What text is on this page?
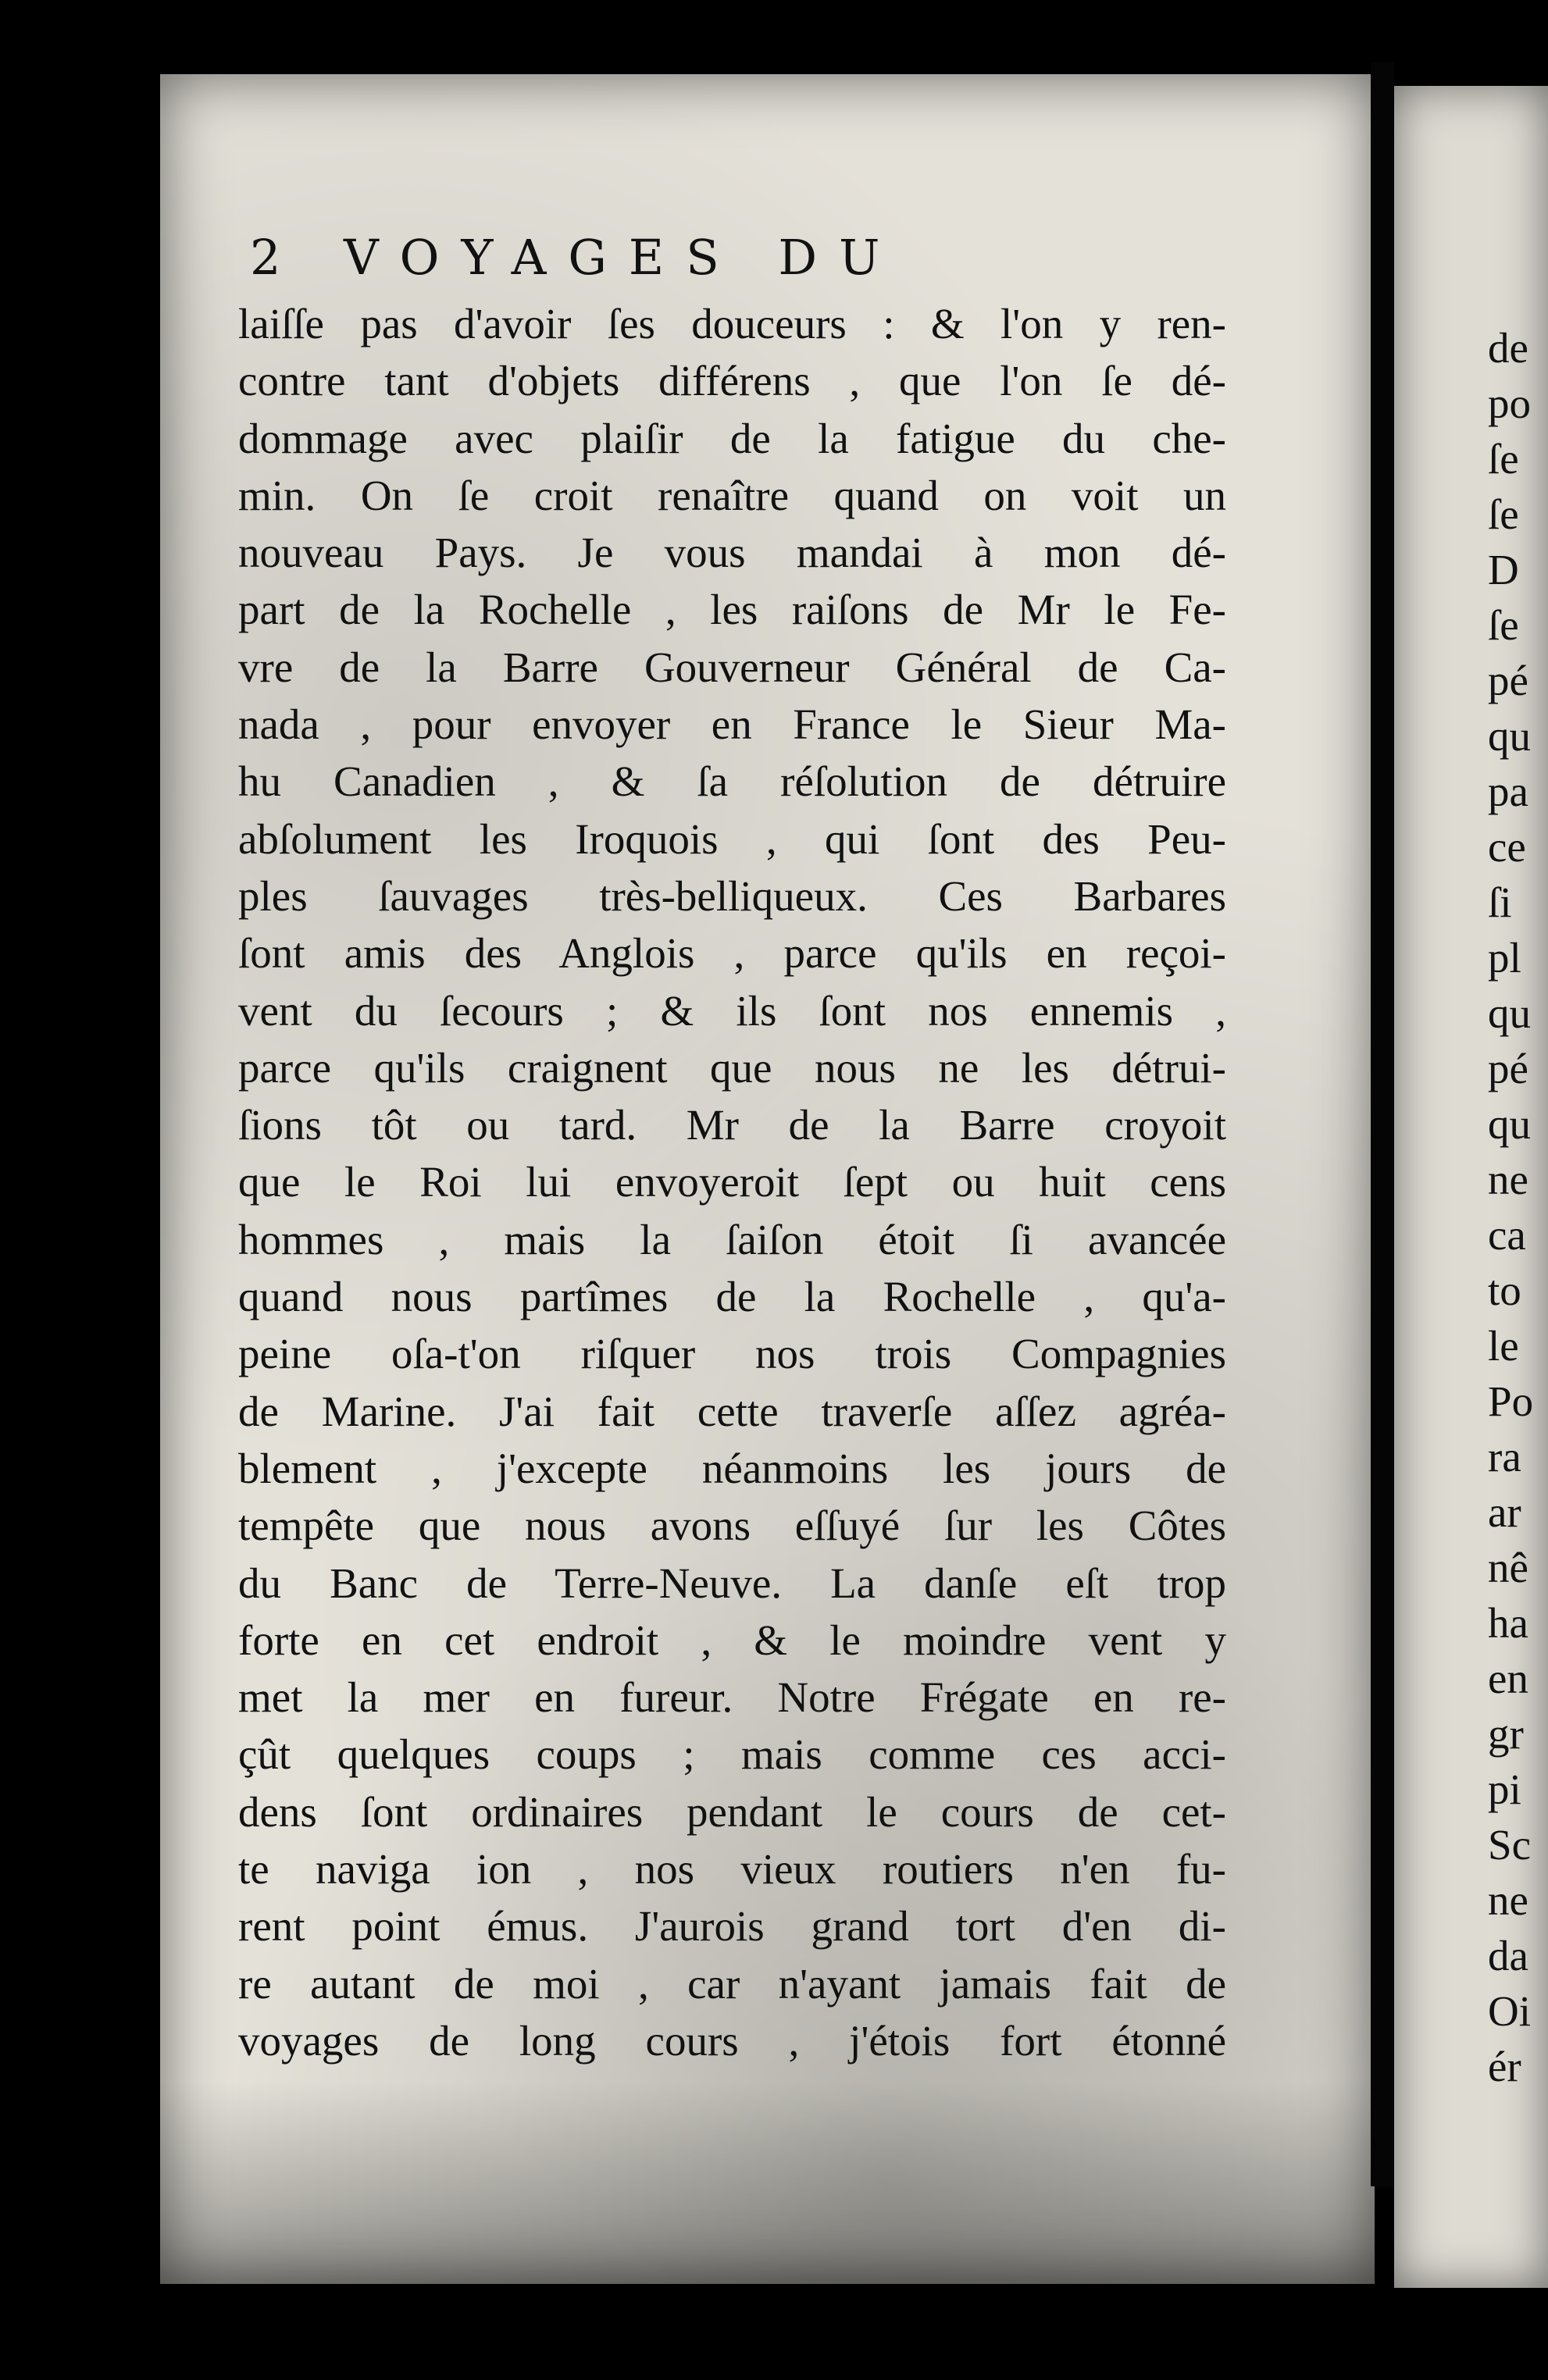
2 VOYAGES DU
laiſſe pas d'avoir ſes douceurs : & l'on y ren-
contre tant d'objets différens , que l'on ſe dé-
dommage avec plaiſir de la fatigue du che-
min. On ſe croit renaître quand on voit un
nouveau Pays. Je vous mandai à mon dé-
part de la Rochelle , les raiſons de Mr le Fe-
vre de la Barre Gouverneur Général de Ca-
nada , pour envoyer en France le Sieur Ma-
hu Canadien , & ſa réſolution de détruire
abſolument les Iroquois , qui ſont des Peu-
ples ſauvages très-belliqueux. Ces Barbares
ſont amis des Anglois , parce qu'ils en reçoi-
vent du ſecours ; & ils ſont nos ennemis ,
parce qu'ils craignent que nous ne les détrui-
ſions tôt ou tard. Mr de la Barre croyoit
que le Roi lui envoyeroit ſept ou huit cens
hommes , mais la ſaiſon étoit ſi avancée
quand nous partîmes de la Rochelle , qu'a-
peine oſa-t'on riſquer nos trois Compagnies
de Marine. J'ai fait cette traverſe aſſez agréa-
blement , j'excepte néanmoins les jours de
tempête que nous avons eſſuyé ſur les Côtes
du Banc de Terre-Neuve. La danſe eſt trop
forte en cet endroit , & le moindre vent y
met la mer en fureur. Notre Frégate en re-
çût quelques coups ; mais comme ces acci-
dens ſont ordinaires pendant le cours de cet-
te naviga ion , nos vieux routiers n'en fu-
rent point émus. J'aurois grand tort d'en di-
re autant de moi , car n'ayant jamais fait de
voyages de long cours , j'étois fort étonné
de
po
ſe
ſe
D
ſe
pé
qu
pa
ce
ſi
pl
qu
pé
qu
ne
ca
to
le
Po
ra
ar
nê
ha
en
gr
pi
Sc
ne
da
Oi
ér
